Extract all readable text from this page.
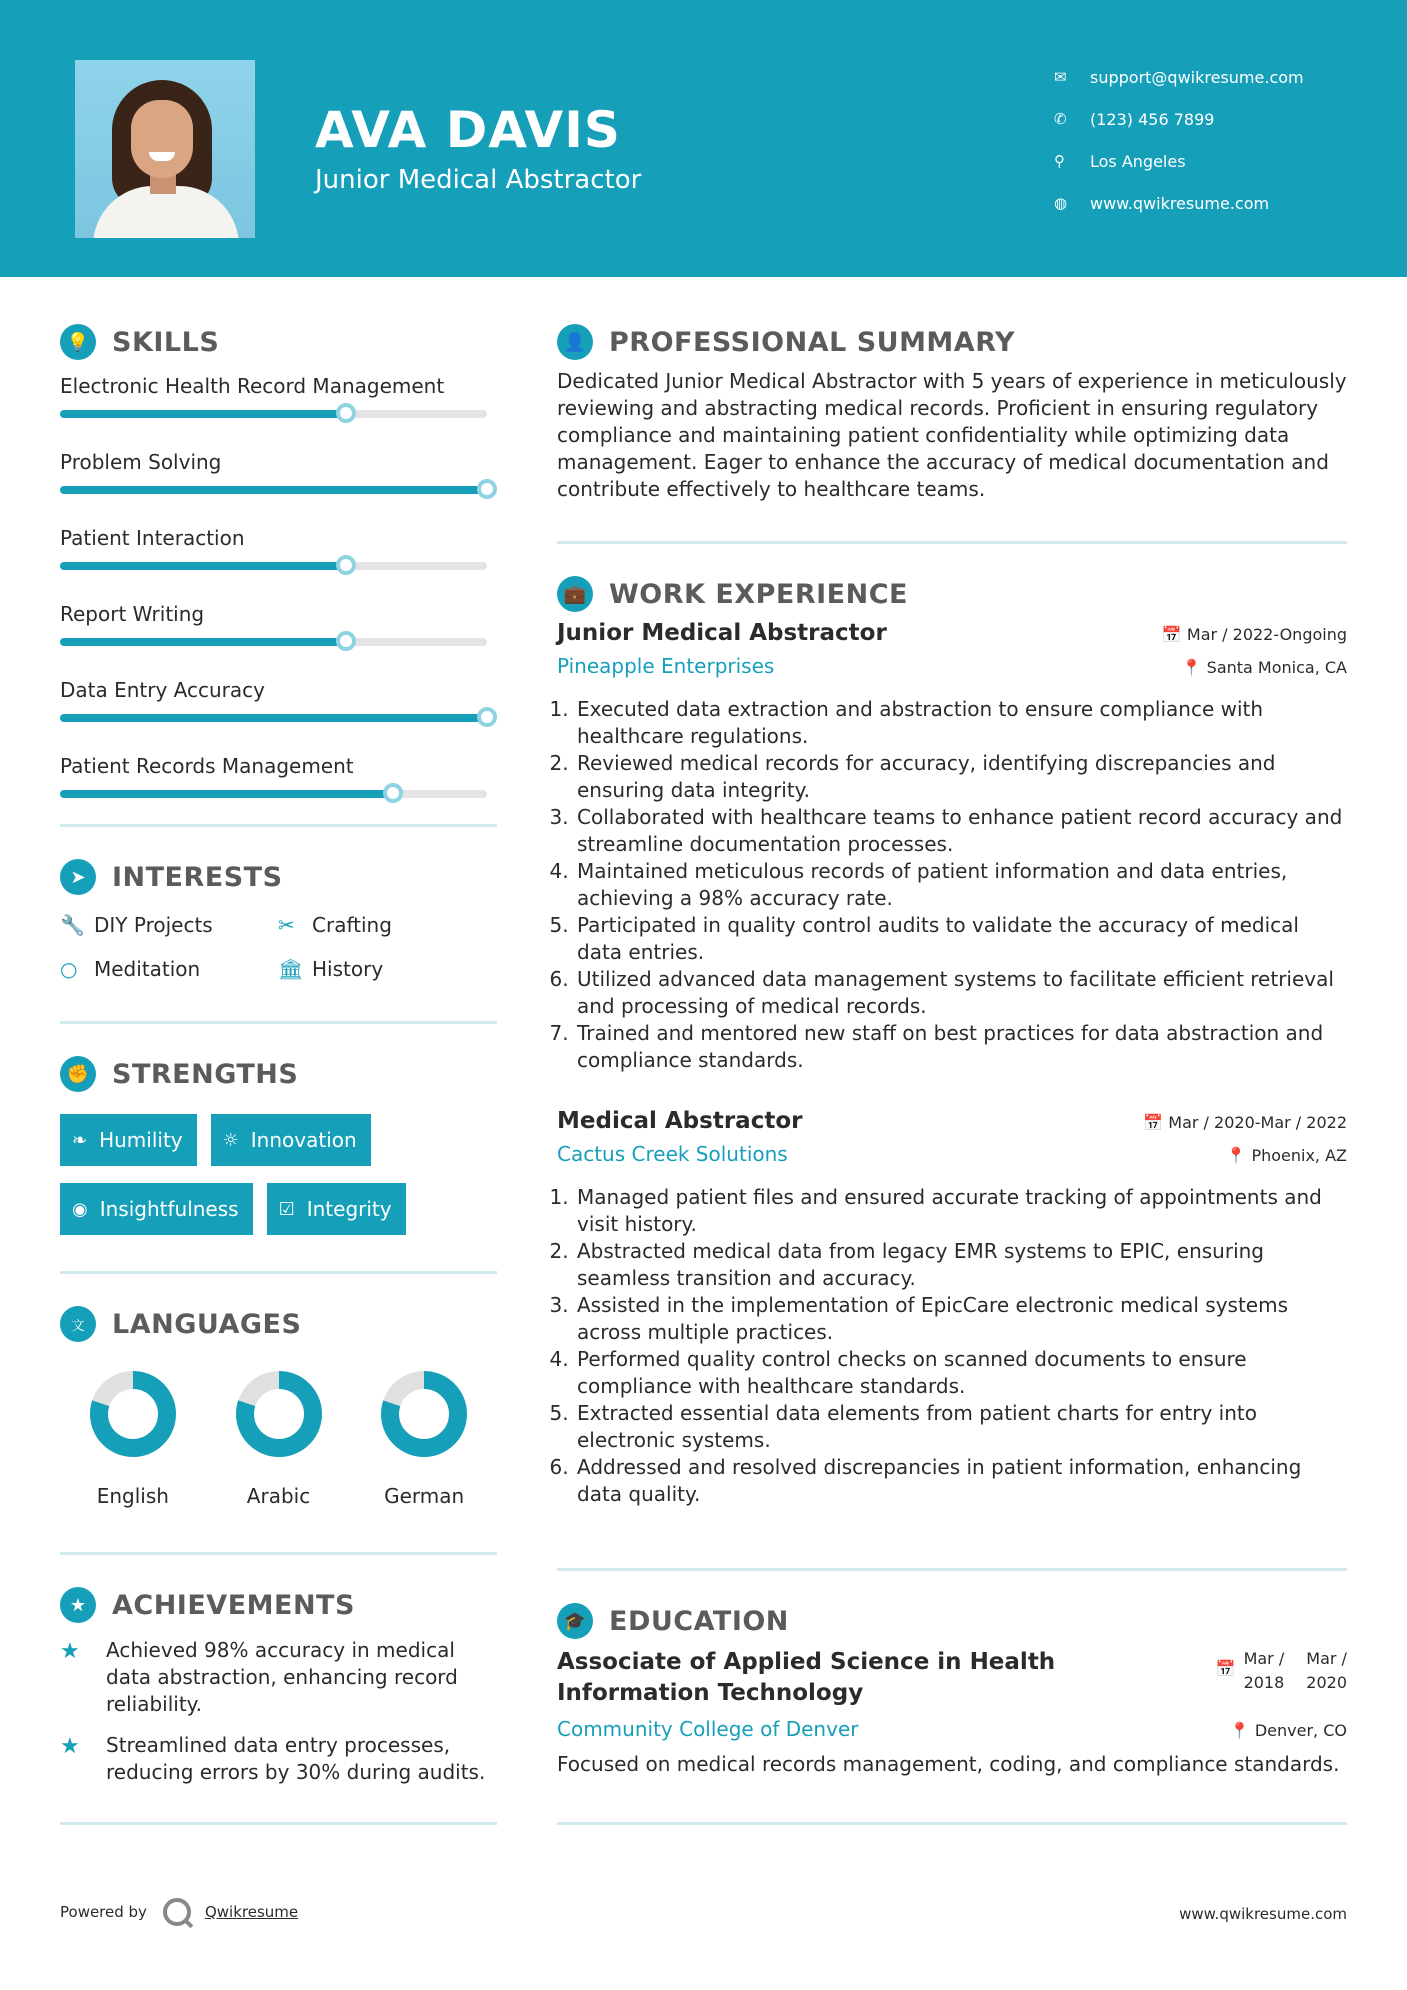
AVA DAVIS
Junior Medical Abstractor
✉	support@qwikresume.com
✆	(123) 456 7899
⚲	Los Angeles
◍	www.qwikresume.com
💡 SKILLS
Electronic Health Record Management
Problem Solving
Patient Interaction
Report Writing
Data Entry Accuracy
Patient Records Management
➤ INTERESTS
🔧 DIY Projects	✂ Crafting
○ Meditation	🏛 History
✊ STRENGTHS
❧ Humility ☼ Innovation
◉ Insightfulness ☑ Integrity
文	LANGUAGES
English	Arabic	German
★ ACHIEVEMENTS
★	Achieved 98% accuracy in medical data abstraction, enhancing record reliability.
★	Streamlined data entry processes, reducing errors by 30% during audits.
👤 PROFESSIONAL SUMMARY
Dedicated Junior Medical Abstractor with 5 years of experience in meticulously reviewing and abstracting medical records. Proficient in ensuring regulatory compliance and maintaining patient confidentiality while optimizing data management. Eager to enhance the accuracy of medical documentation and contribute effectively to healthcare teams.
💼 WORK EXPERIENCE
Junior Medical Abstractor	📅 Mar / 2022-Ongoing
Pineapple Enterprises	📍 Santa Monica, CA
1. Executed data extraction and abstraction to ensure compliance with healthcare regulations.
2. Reviewed medical records for accuracy, identifying discrepancies and ensuring data integrity.
3. Collaborated with healthcare teams to enhance patient record accuracy and streamline documentation processes.
4. Maintained meticulous records of patient information and data entries, achieving a 98% accuracy rate.
5. Participated in quality control audits to validate the accuracy of medical data entries.
6. Utilized advanced data management systems to facilitate efficient retrieval and processing of medical records.
7. Trained and mentored new staff on best practices for data abstraction and compliance standards.
Medical Abstractor	📅 Mar / 2020-Mar / 2022
Cactus Creek Solutions	📍 Phoenix, AZ
1. Managed patient files and ensured accurate tracking of appointments and visit history.
2. Abstracted medical data from legacy EMR systems to EPIC, ensuring seamless transition and accuracy.
3. Assisted in the implementation of EpicCare electronic medical systems across multiple practices.
4. Performed quality control checks on scanned documents to ensure compliance with healthcare standards.
5. Extracted essential data elements from patient charts for entry into electronic systems.
6. Addressed and resolved discrepancies in patient information, enhancing data quality.
🎓 EDUCATION
Associate of Applied Science in Health Information Technology
📅
Mar /
2018
Mar /
2020
Community College of Denver	📍 Denver, CO
Focused on medical records management, coding, and compliance standards.
Powered by	Qwikresume	www.qwikresume.com
